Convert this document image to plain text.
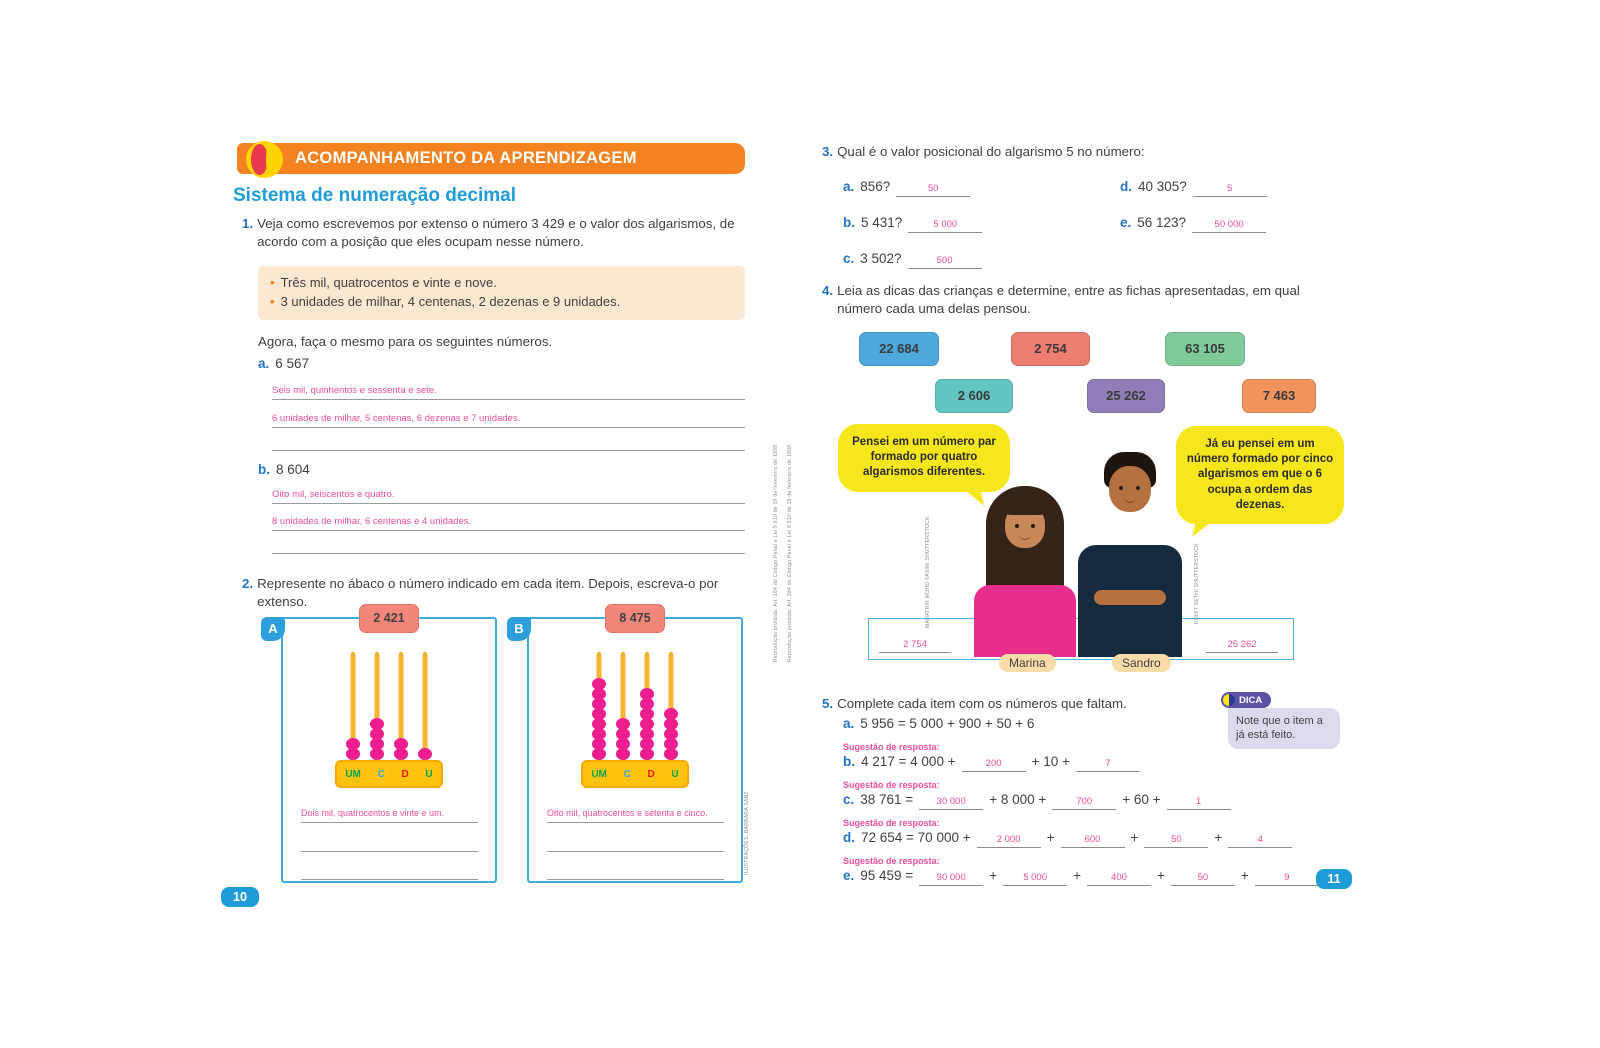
ACOMPANHAMENTO DA APRENDIZAGEM
Sistema de numeração decimal
1. Veja como escrevemos por extenso o número 3 429 e o valor dos algarismos, de acordo com a posição que eles ocupam nesse número.
• Três mil, quatrocentos e vinte e nove.
• 3 unidades de milhar, 4 centenas, 2 dezenas e 9 unidades.
Agora, faça o mesmo para os seguintes números.
a. 6 567
Seis mil, quinhentos e sessenta e sete.
6 unidades de milhar, 5 centenas, 6 dezenas e 7 unidades.
b. 8 604
Oito mil, seiscentos e quatro.
8 unidades de milhar, 6 centenas e 4 unidades.
2. Represente no ábaco o número indicado em cada item. Depois, escreva-o por extenso.
A
2 421
UM C D U
Dois mil, quatrocentos e vinte e um.
B
8 475
UM C D U
Oito mil, quatrocentos e setenta e cinco.	ILUSTRAÇÕES: BÁRBARA SANZ
10
Reprodução proibida. Art. 184 do Código Penal e Lei 9.610 de 19 de fevereiro de 1998. Reprodução proibida. Art. 184 do Código Penal e Lei 9.610 de 19 de fevereiro de 1998.
3. Qual é o valor posicional do algarismo 5 no número:
a. 856?	50
b. 5 431?	5 000
c. 3 502?	500
d. 40 305?	5
e. 56 123?	50 000
4. Leia as dicas das crianças e determine, entre as fichas apresentadas, em qual número cada uma delas pensou.
22 684	2 754	63 105
2 606	25 262	7 463
2 754	25 262
Pensei em um número par formado por quatro algarismos diferentes.
Já eu pensei em um número formado por cinco algarismos em que o 6 ocupa a ordem das dezenas.
MAHATHIR MOHD YASIN/ SHUTTERSTOCK	ROHIT SETH/ SHUTTERSTOCK
Marina	Sandro
5. Complete cada item com os números que faltam.	DICA
Note que o item a já está feito.
a. 5 956 = 5 000 + 900 + 50 + 6
Sugestão de resposta:
b. 4 217 = 4 000 +	200	+ 10 +	7
Sugestão de resposta:
c. 38 761 =	30 000	+ 8 000 +	700	+ 60 +	1
Sugestão de resposta:
d. 72 654 = 70 000 +	2 000	+	600	+	50	+	4
Sugestão de resposta:
e. 95 459 =	90 000	+	5 000	+	400	+	50	+	9	11
